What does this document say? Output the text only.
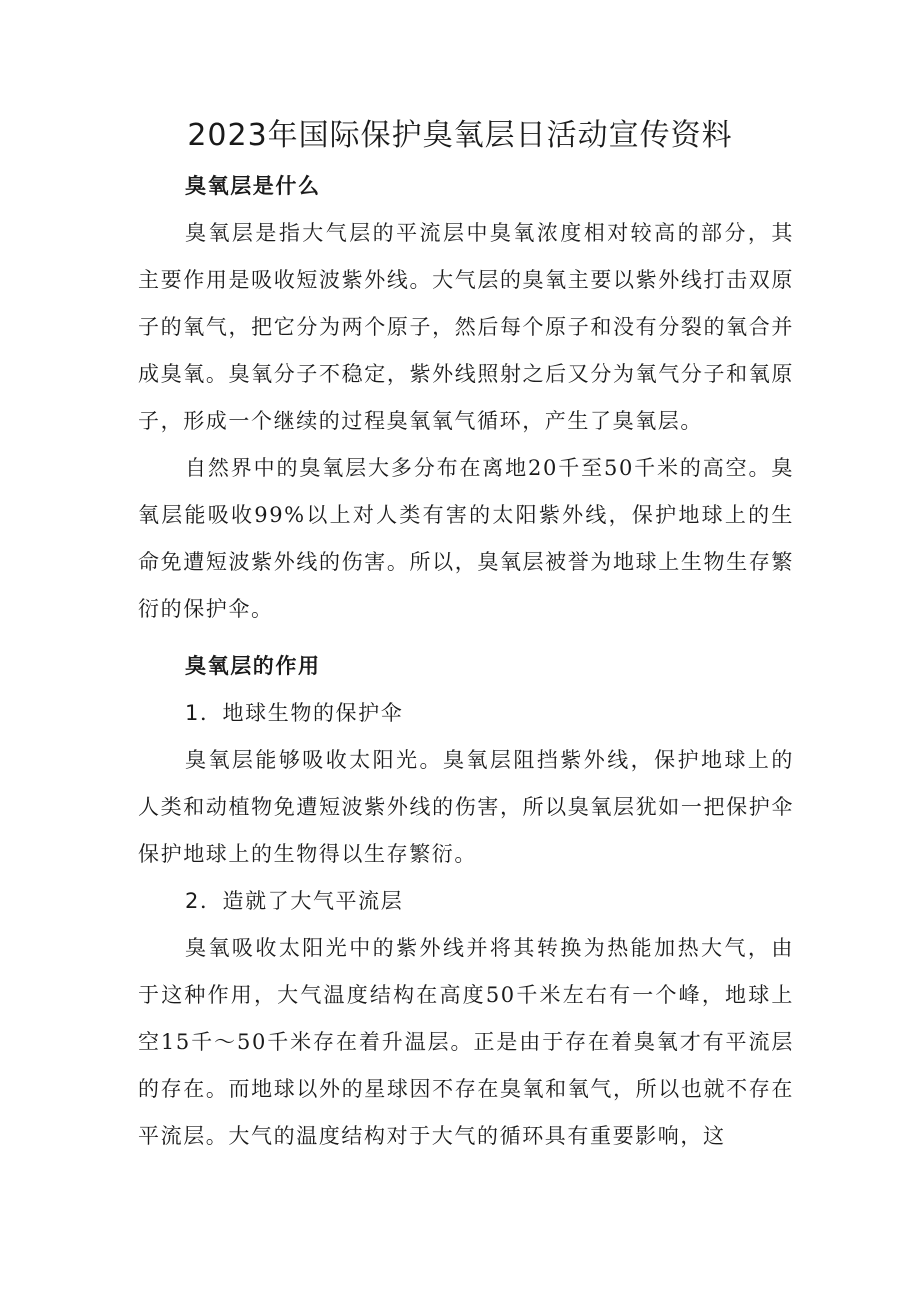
2023年国际保护臭氧层日活动宣传资料
臭氧层是什么

臭氧层是指大气层的平流层中臭氧浓度相对较高的部分，其主要作用是吸收短波紫外线。大气层的臭氧主要以紫外线打击双原子的氧气，把它分为两个原子，然后每个原子和没有分裂的氧合并成臭氧。臭氧分子不稳定，紫外线照射之后又分为氧气分子和氧原子，形成一个继续的过程臭氧氧气循环，产生了臭氧层。

自然界中的臭氧层大多分布在离地20千至50千米的高空。臭氧层能吸收99%以上对人类有害的太阳紫外线，保护地球上的生命免遭短波紫外线的伤害。所以，臭氧层被誉为地球上生物生存繁衍的保护伞。

臭氧层的作用
1．地球生物的保护伞

臭氧层能够吸收太阳光。臭氧层阻挡紫外线，保护地球上的人类和动植物免遭短波紫外线的伤害，所以臭氧层犹如一把保护伞保护地球上的生物得以生存繁衍。

2．造就了大气平流层

臭氧吸收太阳光中的紫外线并将其转换为热能加热大气，由于这种作用，大气温度结构在高度50千米左右有一个峰，地球上空15千～50千米存在着升温层。正是由于存在着臭氧才有平流层的存在。而地球以外的星球因不存在臭氧和氧气，所以也就不存在平流层。大气的温度结构对于大气的循环具有重要影响，这
